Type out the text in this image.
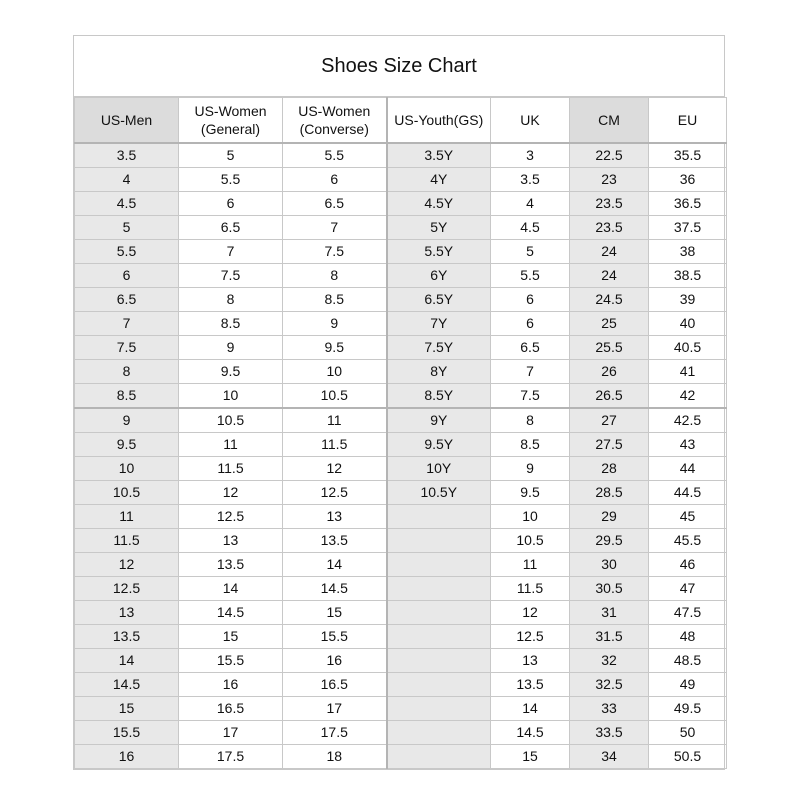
Shoes Size Chart
US-Men	US-Women (General)	US-Women (Converse)	US-Youth(GS)	UK	CM	EU
3.5	5	5.5	3.5Y	3	22.5	35.5
4	5.5	6	4Y	3.5	23	36
4.5	6	6.5	4.5Y	4	23.5	36.5
5	6.5	7	5Y	4.5	23.5	37.5
5.5	7	7.5	5.5Y	5	24	38
6	7.5	8	6Y	5.5	24	38.5
6.5	8	8.5	6.5Y	6	24.5	39
7	8.5	9	7Y	6	25	40
7.5	9	9.5	7.5Y	6.5	25.5	40.5
8	9.5	10	8Y	7	26	41
8.5	10	10.5	8.5Y	7.5	26.5	42
9	10.5	11	9Y	8	27	42.5
9.5	11	11.5	9.5Y	8.5	27.5	43
10	11.5	12	10Y	9	28	44
10.5	12	12.5	10.5Y	9.5	28.5	44.5
11	12.5	13		10	29	45
11.5	13	13.5		10.5	29.5	45.5
12	13.5	14		11	30	46
12.5	14	14.5		11.5	30.5	47
13	14.5	15		12	31	47.5
13.5	15	15.5		12.5	31.5	48
14	15.5	16		13	32	48.5
14.5	16	16.5		13.5	32.5	49
15	16.5	17		14	33	49.5
15.5	17	17.5		14.5	33.5	50
16	17.5	18		15	34	50.5
